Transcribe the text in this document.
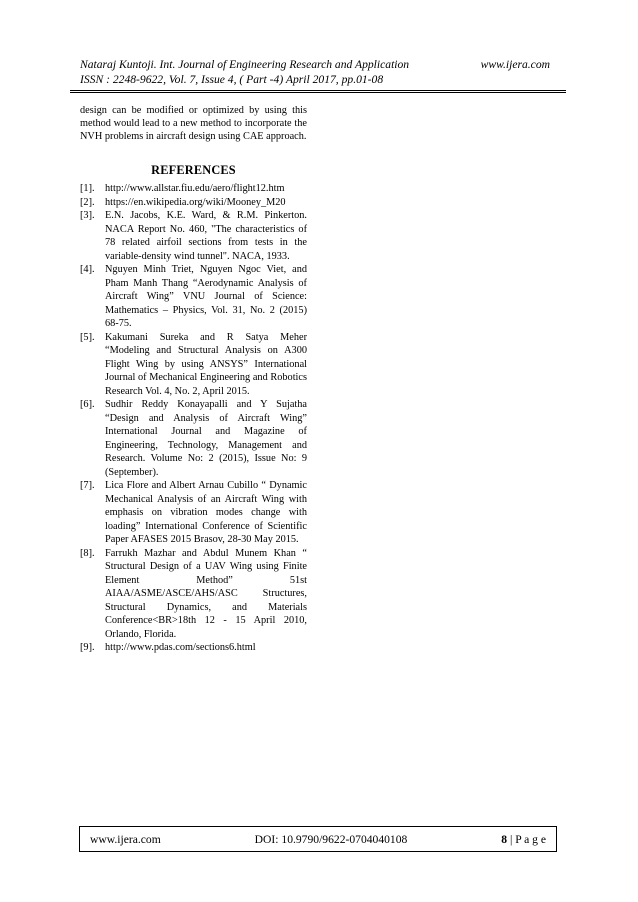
Nataraj Kuntoji. Int. Journal of Engineering Research and Application	www.ijera.com
ISSN : 2248-9622, Vol. 7, Issue 4, ( Part -4) April 2017, pp.01-08

design can be modified or optimized by using this method would lead to a new method to incorporate the NVH problems in aircraft design using CAE approach.

REFERENCES
[1].	http://www.allstar.fiu.edu/aero/flight12.htm
[2].	https://en.wikipedia.org/wiki/Mooney_M20
[3].	E.N. Jacobs, K.E. Ward, & R.M. Pinkerton. NACA Report No. 460, "The characteristics of 78 related airfoil sections from tests in the variable-density wind tunnel". NACA, 1933.
[4].	Nguyen Minh Triet, Nguyen Ngoc Viet, and Pham Manh Thang “Aerodynamic Analysis of Aircraft Wing” VNU Journal of Science: Mathematics – Physics, Vol. 31, No. 2 (2015) 68-75.
[5].	Kakumani Sureka and R Satya Meher “Modeling and Structural Analysis on A300 Flight Wing by using ANSYS” International Journal of Mechanical Engineering and Robotics Research Vol. 4, No. 2, April 2015.
[6].	Sudhir Reddy Konayapalli and Y Sujatha “Design and Analysis of Aircraft Wing” International Journal and Magazine of Engineering, Technology, Management and Research. Volume No: 2 (2015), Issue No: 9 (September).
[7].	Lica Flore and Albert Arnau Cubillo “ Dynamic Mechanical Analysis of an Aircraft Wing with emphasis on vibration modes change with loading” International Conference of Scientific Paper AFASES 2015 Brasov, 28-30 May 2015.
[8].	Farrukh Mazhar and Abdul Munem Khan “ Structural Design of a UAV Wing using Finite Element Method” 51st AIAA/ASME/ASCE/AHS/ASC Structures, Structural Dynamics, and Materials Conference<BR>18th 12 - 15 April 2010, Orlando, Florida.
[9].	http://www.pdas.com/sections6.html
www.ijera.com	DOI: 10.9790/9622-0704040108	8 | P a g e
